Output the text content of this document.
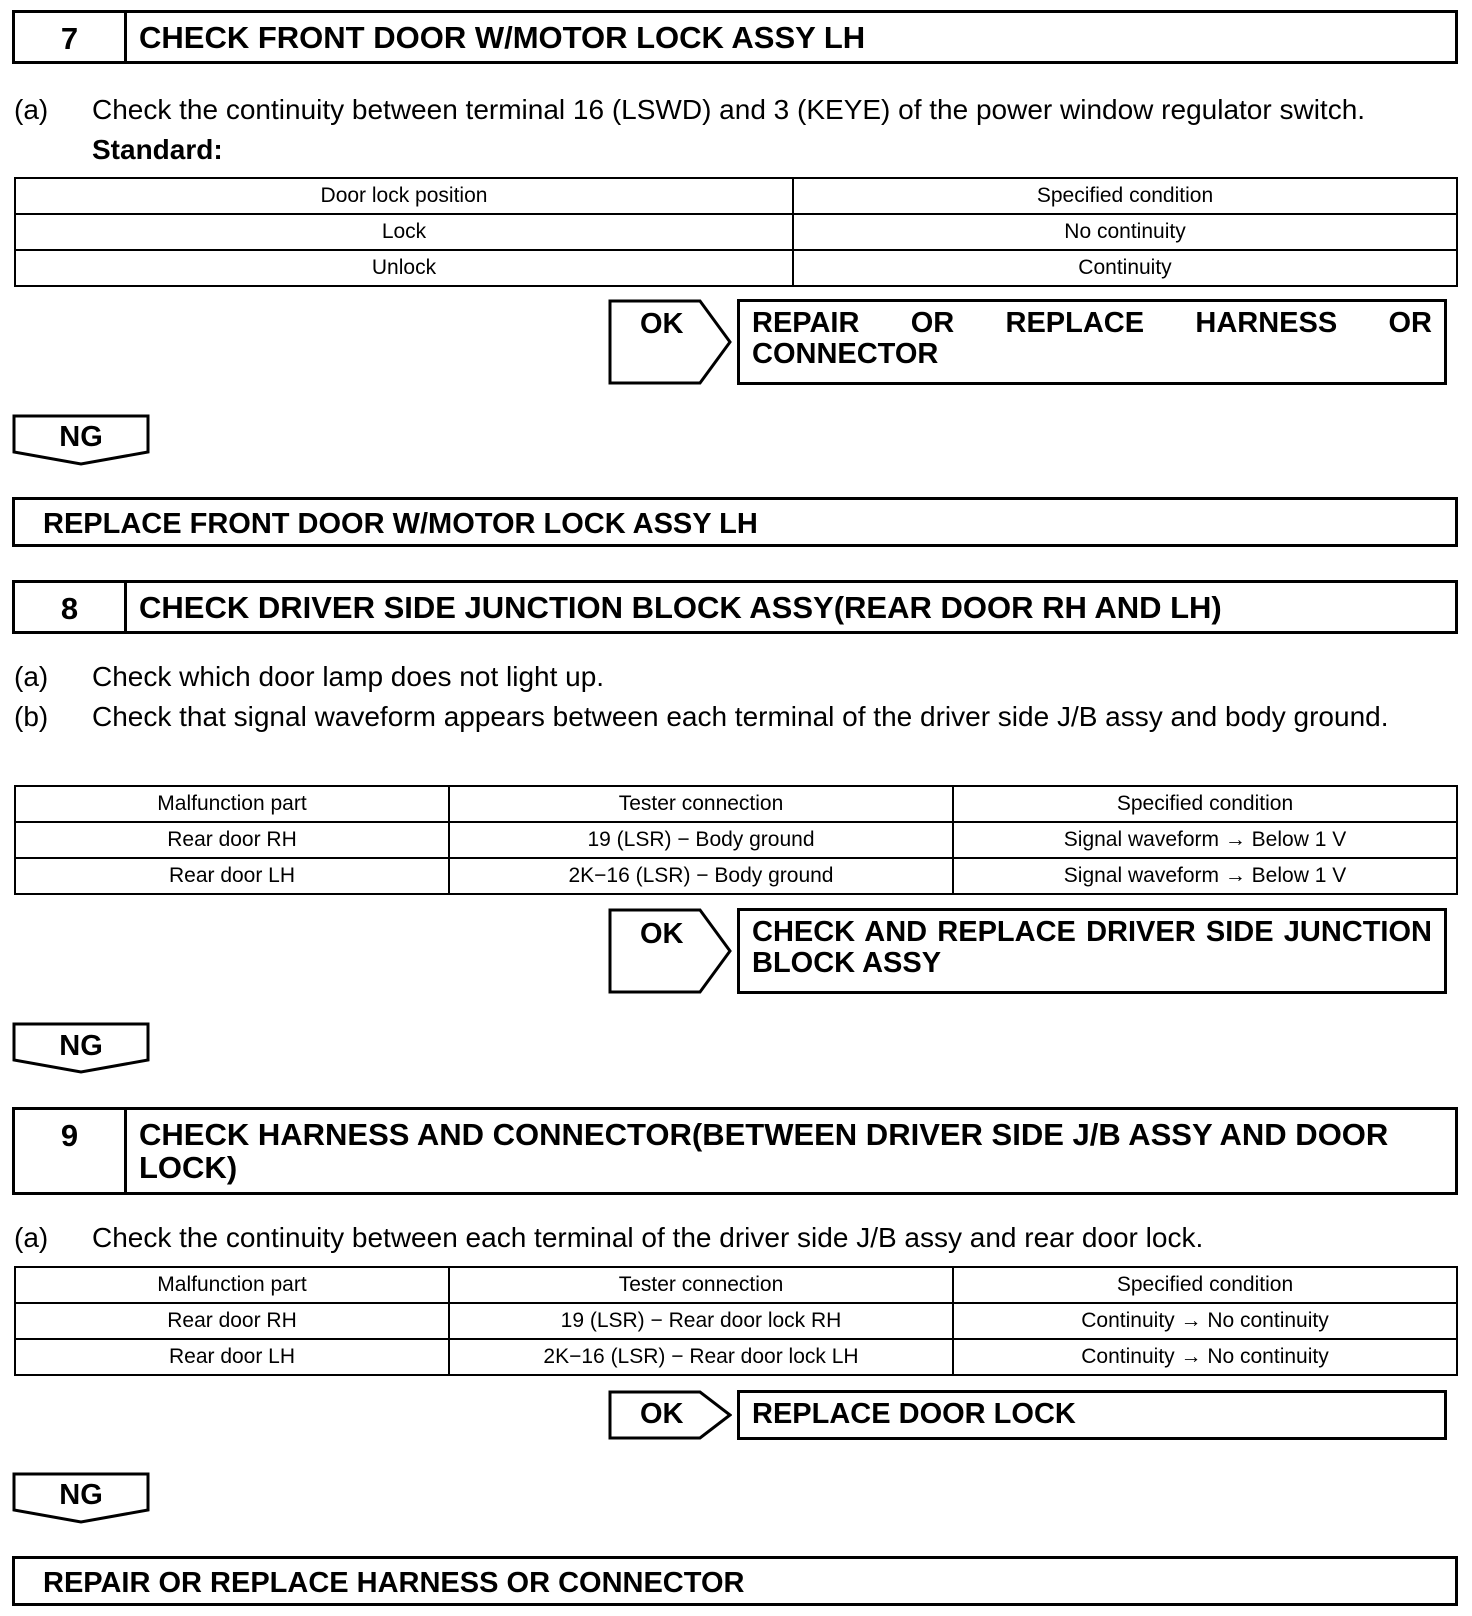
7	CHECK FRONT DOOR W/MOTOR LOCK ASSY LH
(a) Check the continuity between terminal 16 (LSWD) and 3 (KEYE) of the power window regulator switch.
Standard:
Door lock position	Specified condition
Lock	No continuity
Unlock	Continuity
OK	REPAIR OR REPLACE HARNESS OR CONNECTOR
NG
REPLACE FRONT DOOR W/MOTOR LOCK ASSY LH
8	CHECK DRIVER SIDE JUNCTION BLOCK ASSY(REAR DOOR RH AND LH)
(a) Check which door lamp does not light up.
(b) Check that signal waveform appears between each terminal of the driver side J/B assy and body ground.
Malfunction part	Tester connection	Specified condition
Rear door RH	19 (LSR) − Body ground	Signal waveform → Below 1 V
Rear door LH	2K−16 (LSR) − Body ground	Signal waveform → Below 1 V
OK	CHECK AND REPLACE DRIVER SIDE JUNCTION BLOCK ASSY
NG
9	CHECK HARNESS AND CONNECTOR(BETWEEN DRIVER SIDE J/B ASSY AND DOOR LOCK)
(a) Check the continuity between each terminal of the driver side J/B assy and rear door lock.
Malfunction part	Tester connection	Specified condition
Rear door RH	19 (LSR) − Rear door lock RH	Continuity → No continuity
Rear door LH	2K−16 (LSR) − Rear door lock LH	Continuity → No continuity
OK	REPLACE DOOR LOCK
NG
REPAIR OR REPLACE HARNESS OR CONNECTOR
